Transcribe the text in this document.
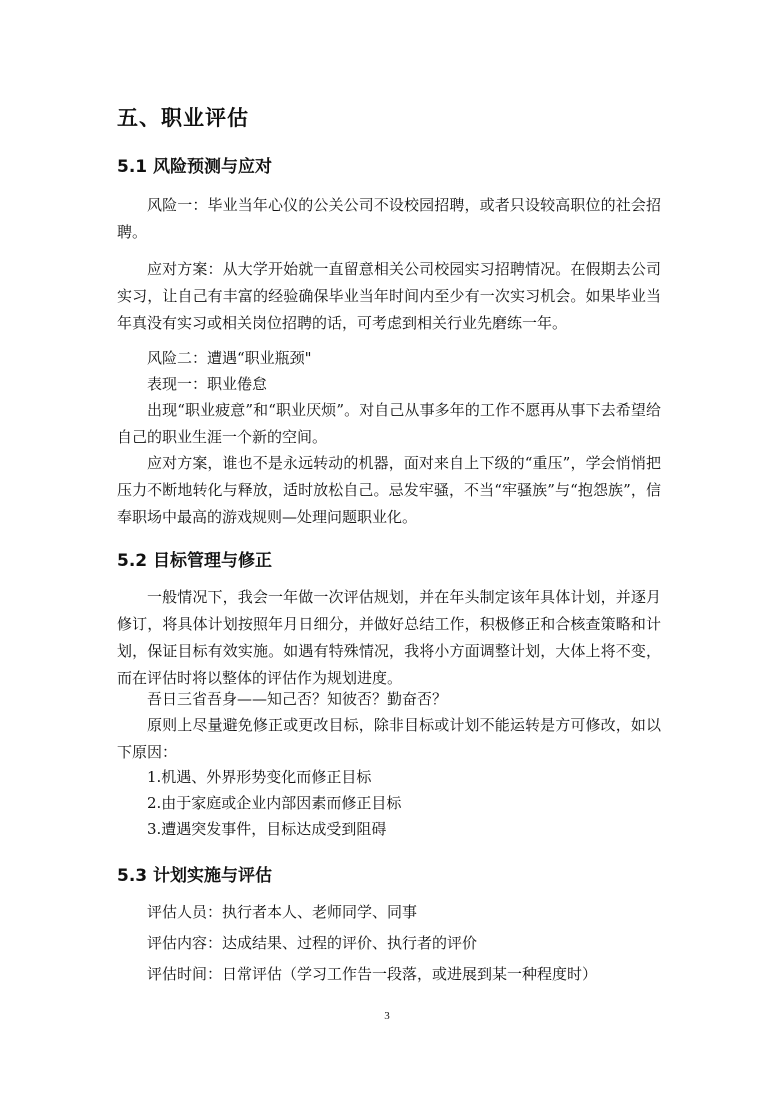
五、职业评估
5.1 风险预测与应对

风险一：毕业当年心仪的公关公司不设校园招聘，或者只设较高职位的社会招聘。

应对方案：从大学开始就一直留意相关公司校园实习招聘情况。在假期去公司实习，让自己有丰富的经验确保毕业当年时间内至少有一次实习机会。如果毕业当年真没有实习或相关岗位招聘的话，可考虑到相关行业先磨练一年。

风险二：遭遇“职业瓶颈"
表现一：职业倦怠

出现“职业疲意”和“职业厌烦”。对自己从事多年的工作不愿再从事下去希望给自己的职业生涯一个新的空间。

应对方案，谁也不是永远转动的机器，面对来自上下级的“重压”，学会悄悄把压力不断地转化与释放，适时放松自己。忌发牢骚，不当“牢骚族”与“抱怨族”，信奉职场中最高的游戏规则—处理问题职业化。

5.2 目标管理与修正

一般情况下，我会一年做一次评估规划，并在年头制定该年具体计划，并逐月修订，将具体计划按照年月日细分，并做好总结工作，积极修正和合核查策略和计划，保证目标有效实施。如遇有特殊情况，我将小方面调整计划，大体上将不变，而在评估时将以整体的评估作为规划进度。

吾日三省吾身——知己否？知彼否？勤奋否？

原则上尽量避免修正或更改目标，除非目标或计划不能运转是方可修改，如以下原因：

1.机遇、外界形势变化而修正目标
2.由于家庭或企业内部因素而修正目标
3.遭遇突发事件，目标达成受到阻碍
5.3 计划实施与评估
评估人员：执行者本人、老师同学、同事
评估内容：达成结果、过程的评价、执行者的评价
评估时间：日常评估（学习工作告一段落，或进展到某一种程度时）
3
